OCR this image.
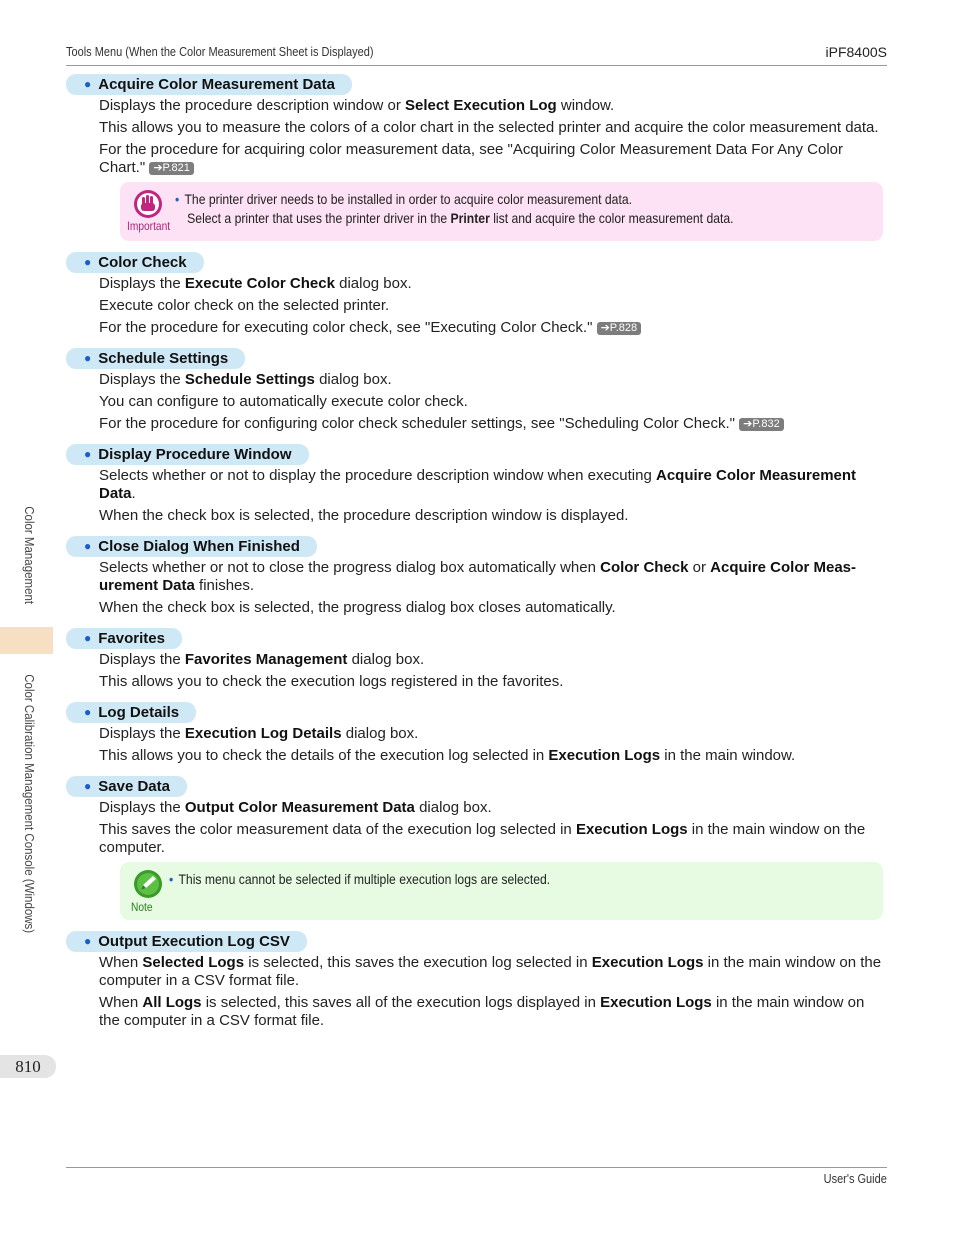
Tools Menu (When the Color Measurement Sheet is Displayed)	iPF8400S
Color Management
Color Calibration Management Console (Windows)
810
● Acquire Color Measurement Data

Displays the procedure description window or Select Execution Log window.

This allows you to measure the colors of a color chart in the selected printer and acquire the color measurement data.

For the procedure for acquiring color measurement data, see "Acquiring Color Measurement Data For Any Color Chart." ➔P.821

Important
• The printer driver needs to be installed in order to acquire color measurement data.
Select a printer that uses the printer driver in the Printer list and acquire the color measurement data.
● Color Check

Displays the Execute Color Check dialog box.

Execute color check on the selected printer.

For the procedure for executing color check, see "Executing Color Check." ➔P.828

● Schedule Settings

Displays the Schedule Settings dialog box.

You can configure to automatically execute color check.

For the procedure for configuring color check scheduler settings, see "Scheduling Color Check." ➔P.832

● Display Procedure Window

Selects whether or not to display the procedure description window when executing Acquire Color Measurement Data.

When the check box is selected, the procedure description window is displayed.

● Close Dialog When Finished

Selects whether or not to close the progress dialog box automatically when Color Check or Acquire Color Meas-urement Data finishes.

When the check box is selected, the progress dialog box closes automatically.

● Favorites

Displays the Favorites Management dialog box.

This allows you to check the execution logs registered in the favorites.

● Log Details

Displays the Execution Log Details dialog box.

This allows you to check the details of the execution log selected in Execution Logs in the main window.

● Save Data

Displays the Output Color Measurement Data dialog box.

This saves the color measurement data of the execution log selected in Execution Logs in the main window on the computer.

Note
• This menu cannot be selected if multiple execution logs are selected.
● Output Execution Log CSV

When Selected Logs is selected, this saves the execution log selected in Execution Logs in the main window on the computer in a CSV format file.

When All Logs is selected, this saves all of the execution logs displayed in Execution Logs in the main window on the computer in a CSV format file.

User's Guide
